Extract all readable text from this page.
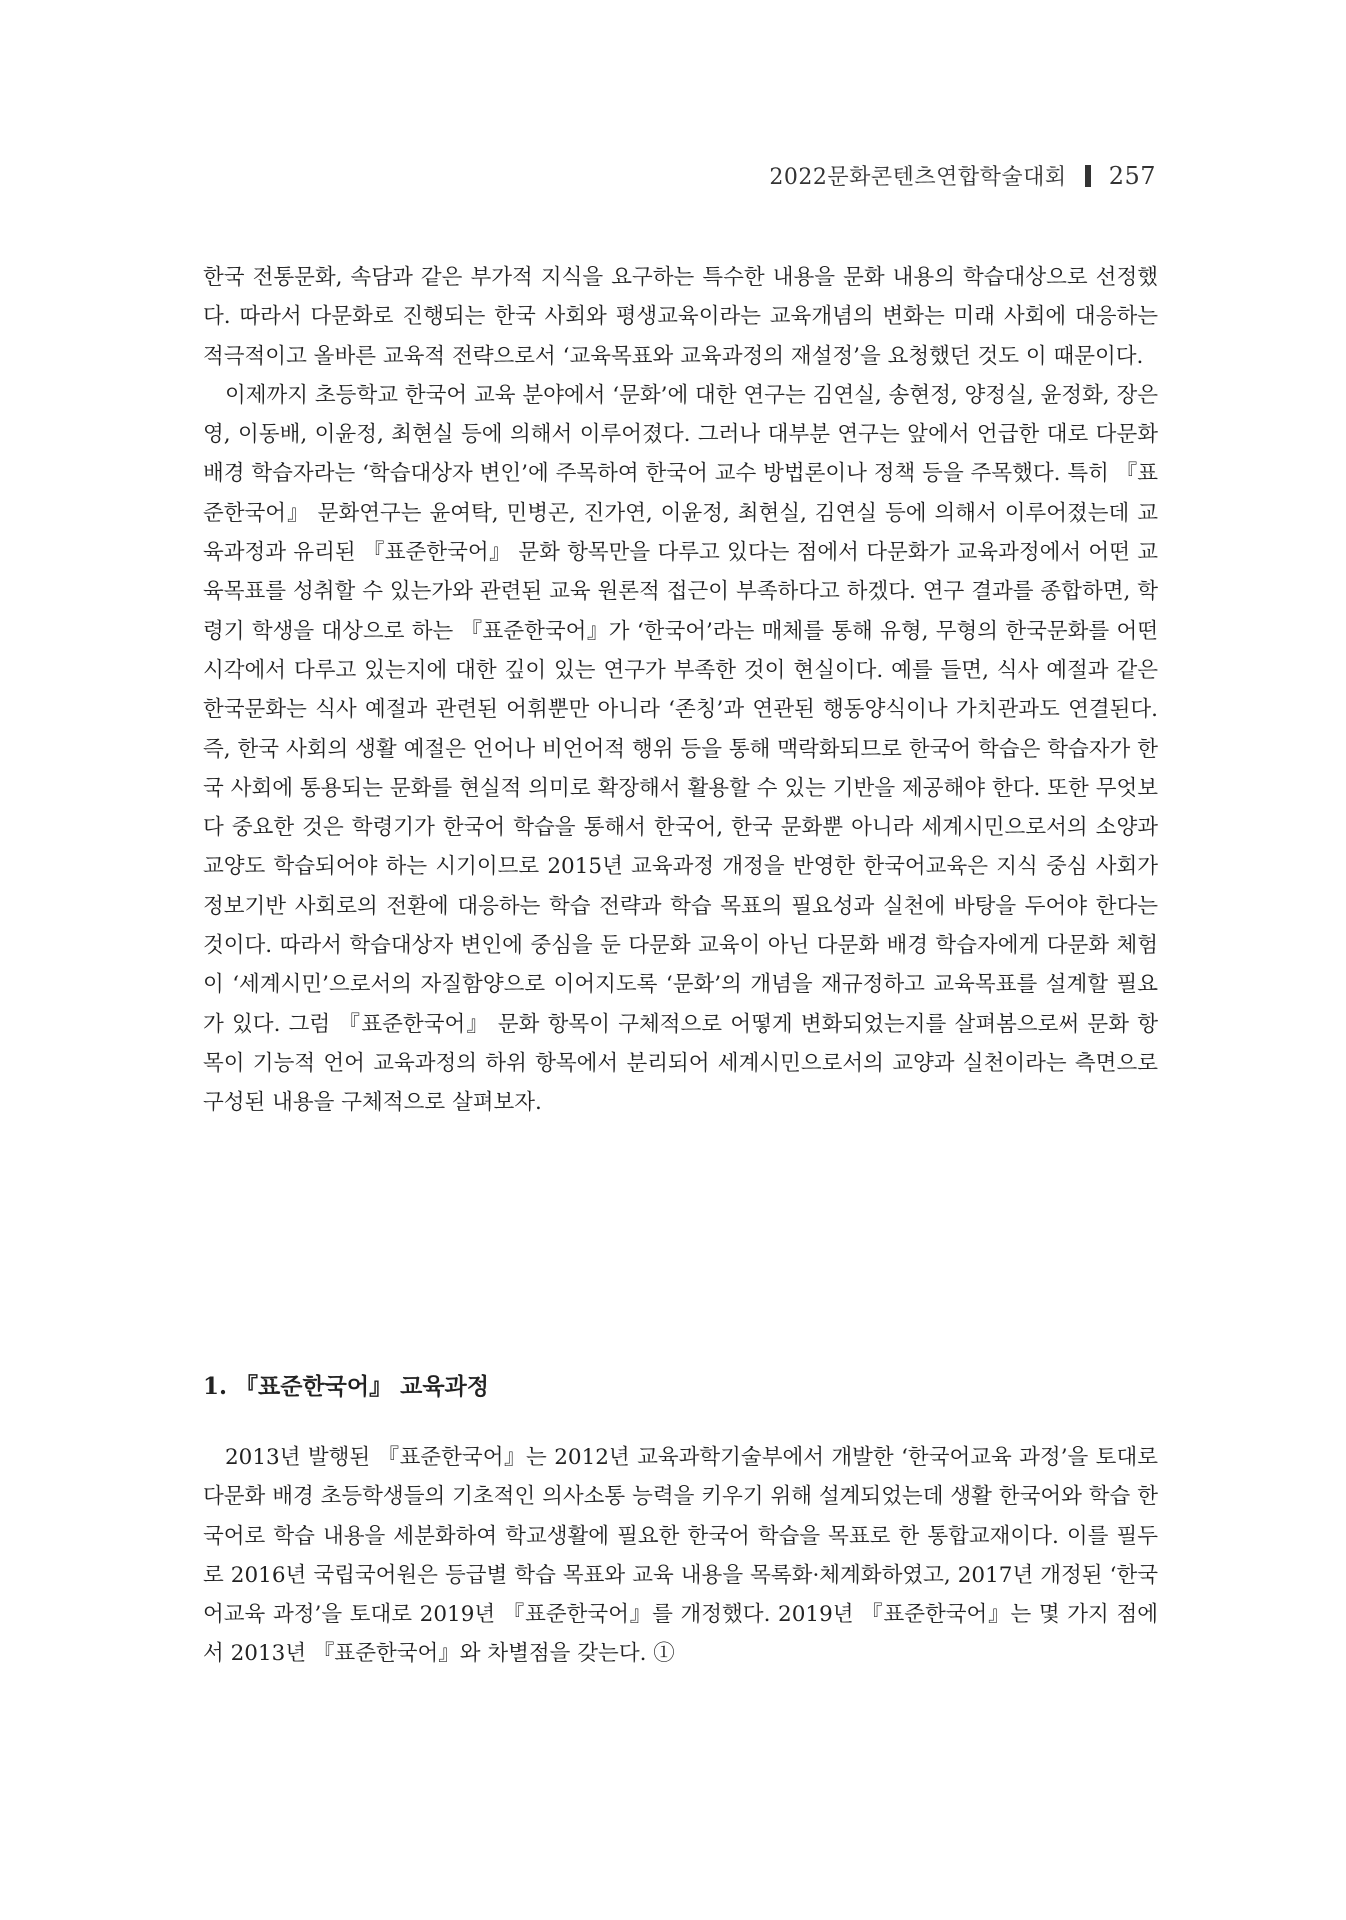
2022문화콘텐츠연합학술대회 257

한국 전통문화, 속담과 같은 부가적 지식을 요구하는 특수한 내용을 문화 내용의 학습대상으로 선정했다. 따라서 다문화로 진행되는 한국 사회와 평생교육이라는 교육개념의 변화는 미래 사회에 대응하는 적극적이고 올바른 교육적 전략으로서 ‘교육목표와 교육과정의 재설정’을 요청했던 것도 이 때문이다.

이제까지 초등학교 한국어 교육 분야에서 ‘문화’에 대한 연구는 김연실, 송현정, 양정실, 윤정화, 장은영, 이동배, 이윤정, 최현실 등에 의해서 이루어졌다. 그러나 대부분 연구는 앞에서 언급한 대로 다문화 배경 학습자라는 ‘학습대상자 변인’에 주목하여 한국어 교수 방법론이나 정책 등을 주목했다. 특히 『표준한국어』 문화연구는 윤여탁, 민병곤, 진가연, 이윤정, 최현실, 김연실 등에 의해서 이루어졌는데 교육과정과 유리된 『표준한국어』 문화 항목만을 다루고 있다는 점에서 다문화가 교육과정에서 어떤 교육목표를 성취할 수 있는가와 관련된 교육 원론적 접근이 부족하다고 하겠다. 연구 결과를 종합하면, 학령기 학생을 대상으로 하는 『표준한국어』가 ‘한국어’라는 매체를 통해 유형, 무형의 한국문화를 어떤 시각에서 다루고 있는지에 대한 깊이 있는 연구가 부족한 것이 현실이다. 예를 들면, 식사 예절과 같은 한국문화는 식사 예절과 관련된 어휘뿐만 아니라 ‘존칭’과 연관된 행동양식이나 가치관과도 연결된다. 즉, 한국 사회의 생활 예절은 언어나 비언어적 행위 등을 통해 맥락화되므로 한국어 학습은 학습자가 한국 사회에 통용되는 문화를 현실적 의미로 확장해서 활용할 수 있는 기반을 제공해야 한다. 또한 무엇보다 중요한 것은 학령기가 한국어 학습을 통해서 한국어, 한국 문화뿐 아니라 세계시민으로서의 소양과 교양도 학습되어야 하는 시기이므로 2015년 교육과정 개정을 반영한 한국어교육은 지식 중심 사회가 정보기반 사회로의 전환에 대응하는 학습 전략과 학습 목표의 필요성과 실천에 바탕을 두어야 한다는 것이다. 따라서 학습대상자 변인에 중심을 둔 다문화 교육이 아닌 다문화 배경 학습자에게 다문화 체험이 ‘세계시민’으로서의 자질함양으로 이어지도록 ‘문화’의 개념을 재규정하고 교육목표를 설계할 필요가 있다. 그럼 『표준한국어』 문화 항목이 구체적으로 어떻게 변화되었는지를 살펴봄으로써 문화 항목이 기능적 언어 교육과정의 하위 항목에서 분리되어 세계시민으로서의 교양과 실천이라는 측면으로 구성된 내용을 구체적으로 살펴보자.

1. 『표준한국어』 교육과정

2013년 발행된 『표준한국어』는 2012년 교육과학기술부에서 개발한 ‘한국어교육 과정’을 토대로 다문화 배경 초등학생들의 기초적인 의사소통 능력을 키우기 위해 설계되었는데 생활 한국어와 학습 한국어로 학습 내용을 세분화하여 학교생활에 필요한 한국어 학습을 목표로 한 통합교재이다. 이를 필두로 2016년 국립국어원은 등급별 학습 목표와 교육 내용을 목록화·체계화하였고, 2017년 개정된 ‘한국어교육 과정’을 토대로 2019년 『표준한국어』를 개정했다. 2019년 『표준한국어』는 몇 가지 점에서 2013년 『표준한국어』와 차별점을 갖는다. ①
